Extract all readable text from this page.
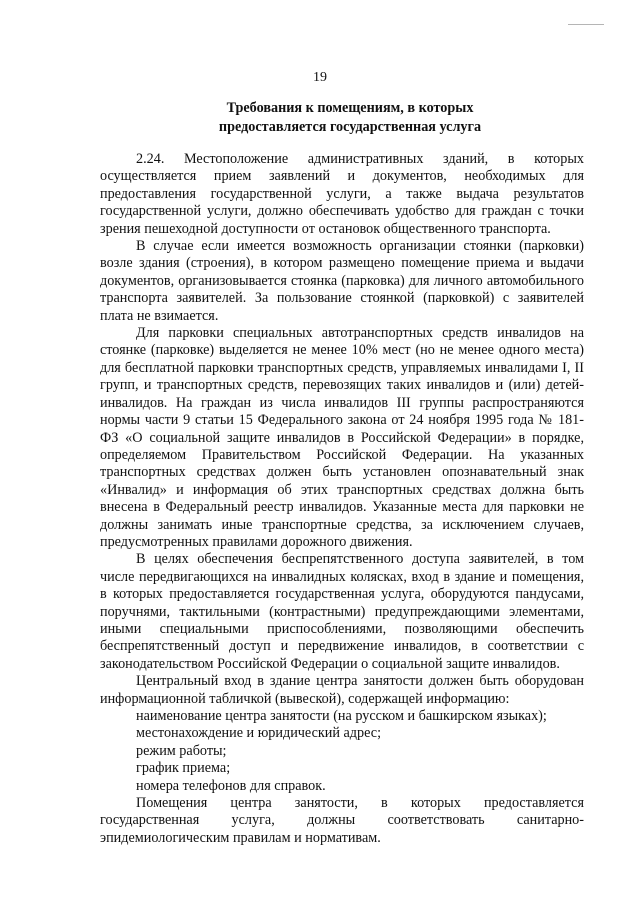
19
Требования к помещениям, в которых
предоставляется государственная услуга

2.24. Местоположение административных зданий, в которых осуществляется прием заявлений и документов, необходимых для предоставления государственной услуги, а также выдача результатов государственной услуги, должно обеспечивать удобство для граждан с точки зрения пешеходной доступности от остановок общественного транспорта.

В случае если имеется возможность организации стоянки (парковки) возле здания (строения), в котором размещено помещение приема и выдачи документов, организовывается стоянка (парковка) для личного автомобильного транспорта заявителей. За пользование стоянкой (парковкой) с заявителей плата не взимается.

Для парковки специальных автотранспортных средств инвалидов на стоянке (парковке) выделяется не менее 10% мест (но не менее одного места) для бесплатной парковки транспортных средств, управляемых инвалидами I, II групп, и транспортных средств, перевозящих таких инвалидов и (или) детей-инвалидов. На граждан из числа инвалидов III группы распространяются нормы части 9 статьи 15 Федерального закона от 24 ноября 1995 года № 181-ФЗ «О социальной защите инвалидов в Российской Федерации» в порядке, определяемом Правительством Российской Федерации. На указанных транспортных средствах должен быть установлен опознавательный знак «Инвалид» и информация об этих транспортных средствах должна быть внесена в Федеральный реестр инвалидов. Указанные места для парковки не должны занимать иные транспортные средства, за исключением случаев, предусмотренных правилами дорожного движения.

В целях обеспечения беспрепятственного доступа заявителей, в том числе передвигающихся на инвалидных колясках, вход в здание и помещения, в которых предоставляется государственная услуга, оборудуются пандусами, поручнями, тактильными (контрастными) предупреждающими элементами, иными специальными приспособлениями, позволяющими обеспечить беспрепятственный доступ и передвижение инвалидов, в соответствии с законодательством Российской Федерации о социальной защите инвалидов.

Центральный вход в здание центра занятости должен быть оборудован информационной табличкой (вывеской), содержащей информацию:

наименование центра занятости (на русском и башкирском языках);

местонахождение и юридический адрес;

режим работы;

график приема;

номера телефонов для справок.

Помещения центра занятости, в которых предоставляется государственная услуга, должны соответствовать санитарно-эпидемиологическим правилам и нормативам.
